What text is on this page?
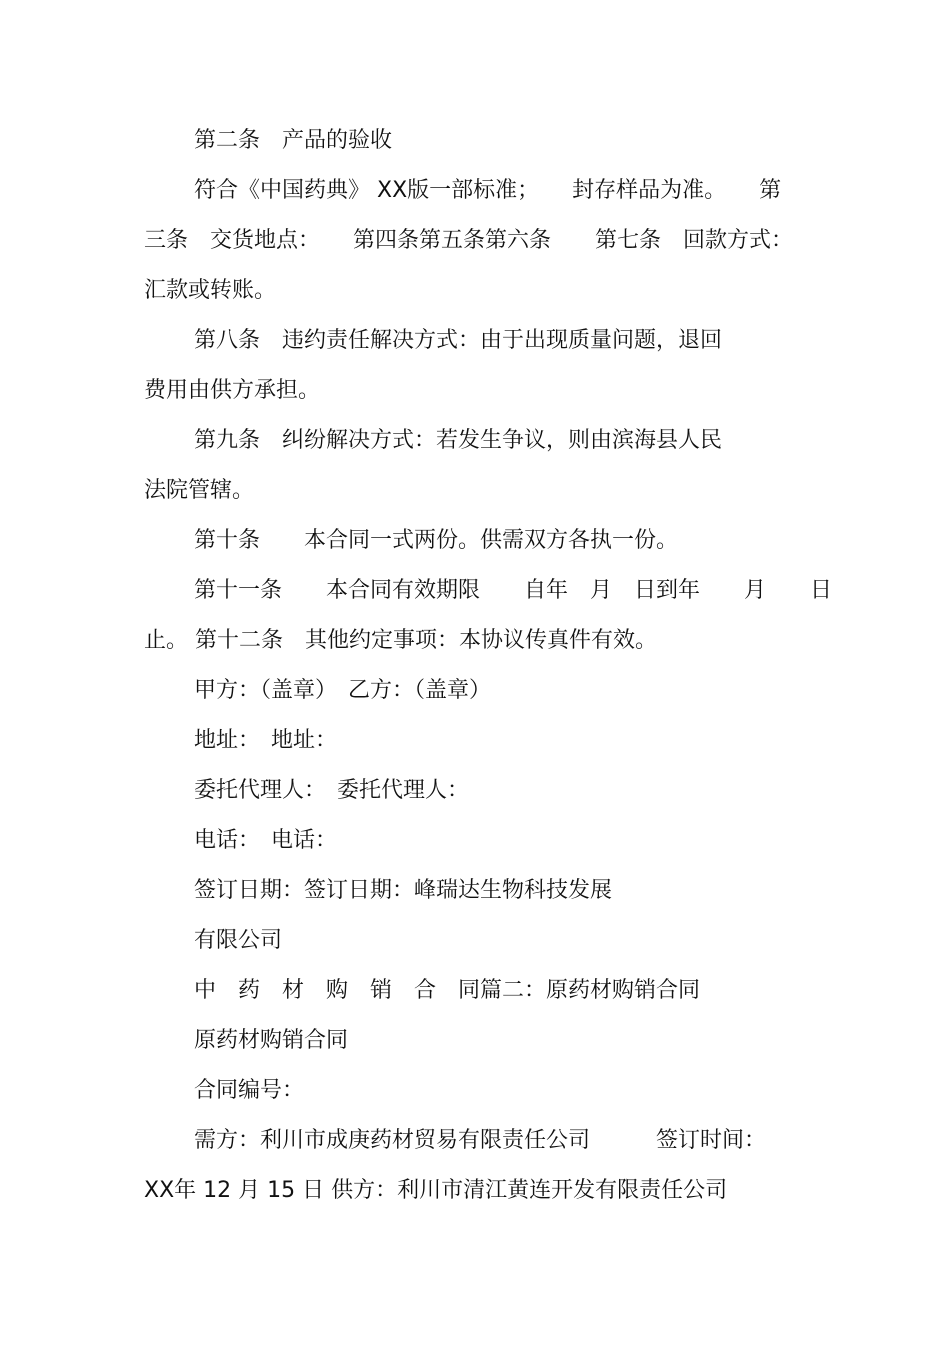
第二条　产品的验收
符合《中国药典》 XX版一部标准；　　封存样品为准。　　第
三条　交货地点：　　第四条第五条第六条　　第七条　回款方式：
汇款或转账。
第八条　违约责任解决方式：由于出现质量问题，退回
费用由供方承担。
第九条　纠纷解决方式：若发生争议，则由滨海县人民
法院管辖。
第十条　　本合同一式两份。供需双方各执一份。
第十一条　　本合同有效期限　　自年　月　日到年　　月　　日
止。 第十二条　其他约定事项：本协议传真件有效。
甲方：（盖章）　乙方：（盖章）
地址：　地址：
委托代理人：　委托代理人：
电话：　电话：
签订日期：签订日期：峰瑞达生物科技发展
有限公司
中　药　材　购　销　合　同篇二：原药材购销合同
原药材购销合同
合同编号：
需方：利川市成庚药材贸易有限责任公司　　　签订时间：
XX年 12 月 15 日 供方：利川市清江黄连开发有限责任公司
